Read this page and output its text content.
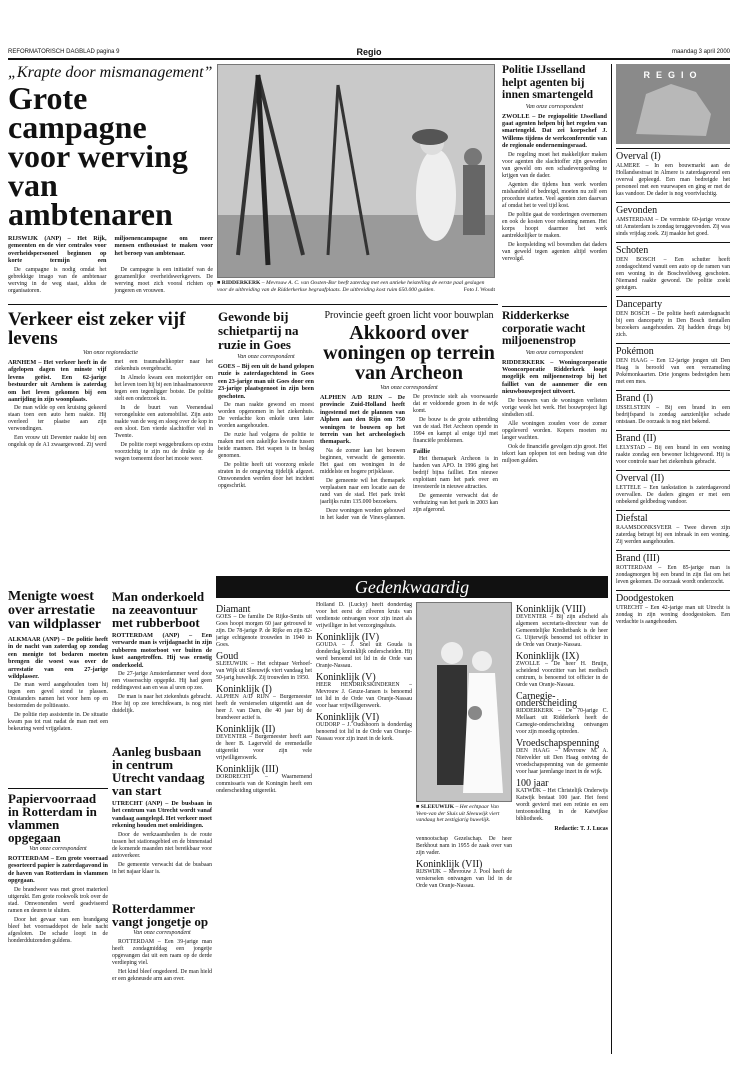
REFORMATORISCH DAGBLAD pagina 9	Regio	maandag 3 april 2000
„Krapte door mismanagement”
Grote campagne voor werving van ambtenaren
RIJSWIJK (ANP) – Het Rijk, gemeenten en de vier centrales voor overheidspersoneel beginnen op korte termijn een miljoenencampagne om meer mensen enthousiast te maken voor het beroep van ambtenaar.

De campagne is nodig omdat het gebrekkige imago van de ambtenaar werving in de weg staat, aldus de organisatoren.

De campagne is een initiatief van de gezamenlijke overheidswerkgevers. De werving moet zich vooral richten op jongeren en vrouwen.

■ RIDDERKERK – Mevrouw A. C. van Oosten-Bor heeft zaterdag met een antieke heistelling de eerste paal geslagen voor de uitbreiding van de Ridderkerkse begraafplaats. De uitbreiding kost ruim 650.000 gulden.	Foto J. Woudt
Verkeer eist zeker vijf levens
Van onze regioredactie

ARNHEM – Het verkeer heeft in de afgelopen dagen ten minste vijf levens geëist. Een 62-jarige bestuurder uit Arnhem is zaterdag om het leven gekomen bij een aanrijding in zijn woonplaats.

De man wilde op een kruising gekeerd staan toen een auto hem raakte. Hij overleed ter plaatse aan zijn verwondingen.

Een vrouw uit Deventer raakte bij een ongeluk op de A1 zwaargewond. Zij werd met een traumahelikopter naar het ziekenhuis overgebracht.

In Almelo kwam een motorrijder om het leven toen hij bij een inhaalmanoeuvre tegen een tegenligger botste. De politie stelt een onderzoek in.

In de buurt van Veenendaal verongelukte een automobilist. Zijn auto raakte van de weg en sloeg over de kop in een sloot. Een vierde slachtoffer viel in Twente.

De politie roept weggebruikers op extra voorzichtig te zijn nu de drukte op de wegen toeneemt door het mooie weer.

Gewonde bij schietpartij na ruzie in Goes
Van onze correspondent

GOES – Bij een uit de hand gelopen ruzie is zaterdagochtend in Goes een 23-jarige man uit Goes door een 23-jarige plaatsgenoot in zijn been geschoten.

De man raakte gewond en moest worden opgenomen in het ziekenhuis. De verdachte kon enkele uren later worden aangehouden.

De ruzie had volgens de politie te maken met een zakelijke kwestie tussen beide mannen. Het wapen is in beslag genomen.

De politie heeft uit voorzorg enkele straten in de omgeving tijdelijk afgezet. Omwonenden werden door het incident opgeschrikt.

Provincie geeft groen licht voor bouwplan
Akkoord over woningen op terrein van Archeon
Van onze correspondent

ALPHEN A/D RIJN – De provincie Zuid-Holland heeft ingestemd met de plannen van Alphen aan den Rijn om 750 woningen te bouwen op het terrein van het archeologisch themapark.

Na de zomer kan het bouwen beginnen, verwacht de gemeente. Het gaat om woningen in de middelste en hogere prijsklasse.

De gemeente wil het themapark verplaatsen naar een locatie aan de rand van de stad. Het park trekt jaarlijks ruim 135.000 bezoekers.

Deze woningen worden gebouwd in het kader van de Vinex-plannen. De provincie stelt als voorwaarde dat er voldoende groen in de wijk komt.

De bouw is de grote uitbreiding van de stad. Het Archeon opende in 1994 en kampt al enige tijd met financiële problemen.

Faillie

Het themapark Archeon is in handen van APO. In 1996 ging het bedrijf bijna failliet. Een nieuwe exploitant nam het park over en investeerde in nieuwe attracties.

De gemeente verwacht dat de verhuizing van het park in 2003 kan zijn afgerond.

Politie IJsselland helpt agenten bij innen smartengeld
Van onze correspondent

ZWOLLE – De regiopolitie IJsselland gaat agenten helpen bij het regelen van smartengeld. Dat zei korpschef J. Willems tijdens de werkconferentie van de regionale ondernemingsraad.

De regeling moet het makkelijker maken voor agenten die slachtoffer zijn geworden van geweld om een schadevergoeding te krijgen van de dader.

Agenten die tijdens hun werk worden mishandeld of bedreigd, moeten nu zelf een procedure starten. Veel agenten zien daarvan af omdat het te veel tijd kost.

De politie gaat de vorderingen overnemen en ook de kosten voor rekening nemen. Het korps hoopt daarmee het werk aantrekkelijker te maken.

De korpsleiding wil bovendien dat daders van geweld tegen agenten altijd worden vervolgd.

Ridderkerkse corporatie wacht miljoenenstrop
Van onze correspondent

RIDDERKERK – Woningcorporatie Wooncorporatie Ridderkerk loopt mogelijk een miljoenenstrop bij het failliet van de aannemer die een nieuwbouwproject uitvoert.

De bouwers van de woningen verlieten vorige week het werk. Het bouwproject ligt sindsdien stil.

Alle woningen zouden voor de zomer opgeleverd worden. Kopers moeten nu langer wachten.

Ook de financiële gevolgen zijn groot. Het tekort kan oplopen tot een bedrag van drie miljoen gulden.

REGIO
Overval (I)

ALMERE – In een bouwmarkt aan de Hollandsestraat in Almere is zaterdagavond een overval gepleegd. Een man bedreigde het personeel met een vuurwapen en ging er met de kas vandoor. De dader is nog voortvluchtig.

Gevonden

AMSTERDAM – De vermiste 60-jarige vrouw uit Amsterdam is zondag teruggevonden. Zij was sinds vrijdag zoek. Zij maakte het goed.

Schoten

DEN BOSCH – Een schutter heeft zondagochtend vanuit een auto op de ramen van een woning in de Boschveldweg geschoten. Niemand raakte gewond. De politie zoekt getuigen.

Danceparty

DEN BOSCH – De politie heeft zaterdagnacht bij een danceparty in Den Bosch tientallen bezoekers aangehouden. Zij hadden drugs bij zich.

Pokémon

DEN HAAG – Een 12-jarige jongen uit Den Haag is beroofd van een verzameling Pokémonkaarten. Drie jongens bedreigden hem met een mes.

Brand (I)

IJSSELSTEIN – Bij een brand in een bedrijfspand is zondag aanzienlijke schade ontstaan. De oorzaak is nog niet bekend.

Brand (II)

LELYSTAD – Bij een brand in een woning raakte zondag een bewoner lichtgewond. Hij is voor controle naar het ziekenhuis gebracht.

Overval (II)

LETTELE – Een tankstation is zaterdagavond overvallen. De daders gingen er met een onbekend geldbedrag vandoor.

Diefstal

RAAMSDONKSVEER – Twee dieven zijn zaterdag betrapt bij een inbraak in een woning. Zij werden aangehouden.

Brand (III)

ROTTERDAM – Een 85-jarige man is zondagmorgen bij een brand in zijn flat om het leven gekomen. De oorzaak wordt onderzocht.

Doodgestoken

UTRECHT – Een 42-jarige man uit Utrecht is zondag in zijn woning doodgestoken. Een verdachte is aangehouden.

Menigte woest over arrestatie van wildplasser

ALKMAAR (ANP) – De politie heeft in de nacht van zaterdag op zondag een menigte tot bedaren moeten brengen die woest was over de arrestatie van een 27-jarige wildplasser.

De man werd aangehouden toen hij tegen een gevel stond te plassen. Omstanders namen het voor hem op en bestormden de politieauto.

De politie riep assistentie in. De situatie kwam pas tot rust nadat de man met een bekeuring werd vrijgelaten.

Papiervoorraad in Rotterdam in vlammen opgegaan
Van onze correspondent

ROTTERDAM – Een grote voorraad gesorteerd papier is zaterdagavond in de haven van Rotterdam in vlammen opgegaan.

De brandweer was met groot materieel uitgerukt. Een grote rookwolk trok over de stad. Omwonenden werd geadviseerd ramen en deuren te sluiten.

Door het gevaar van een brandgang bleef het voorraaddepot de hele nacht afgesloten. De schade loopt in de honderdduizenden guldens.

Man onderkoeld na zeeavontuur met rubberboot

ROTTERDAM (ANP) – Een verwarde man is vrijdagnacht in zijn rubberen motorboot ver buiten de kust aangetroffen. Hij was ernstig onderkoeld.

De 27-jarige Amsterdammer werd door een vissersschip opgepikt. Hij had geen reddingsvest aan en was al uren op zee.

De man is naar het ziekenhuis gebracht. Hoe hij op zee terechtkwam, is nog niet duidelijk.

Aanleg busbaan in centrum Utrecht vandaag van start

UTRECHT (ANP) – De busbaan in het centrum van Utrecht wordt vanaf vandaag aangelegd. Het verkeer moet rekening houden met omleidingen.

Door de werkzaamheden is de route tussen het stationsgebied en de binnenstad de komende maanden niet bereikbaar voor autoverkeer.

De gemeente verwacht dat de busbaan in het najaar klaar is.

Rotterdammer vangt jongetje op
Van onze correspondent

ROTTERDAM – Een 39-jarige man heeft zondagmiddag een jongetje opgevangen dat uit een raam op de derde verdieping viel.

Het kind bleef ongedeerd. De man hield er een gekneusde arm aan over.

Gedenkwaardig
Diamant

GOES – De familie De Rijke-Smits uit Goes hoopt morgen 60 jaar getrouwd te zijn. De 78-jarige P. de Rijke en zijn 82-jarige echtgenote trouwden in 1940 in Goes.

Goud

SLEEUWIJK – Het echtpaar Verhoef-van Wijk uit Sleeuwijk viert vandaag het 50-jarig huwelijk. Zij trouwden in 1950.

Koninklijk (I)

ALPHEN A/D RIJN – Burgemeester heeft de versierselen uitgereikt aan de heer J. van Dam, die 40 jaar bij de brandweer actief is.

Koninklijk (II)

DEVENTER – Burgemeester heeft aan de heer B. Lagerveld de eremedaille uitgereikt voor zijn vele vrijwilligerswerk.

Koninklijk (III)

DORDRECHT – Waarnemend commissaris van de Koningin heeft een onderscheiding uitgereikt.

Holland D. (Lucky) heeft donderdag voor het eerst de zilveren kruis van verdienste ontvangen voor zijn inzet als vrijwilliger in het verzorgingshuis.

Koninklijk (IV)

GOUDA – J. Snel uit Gouda is donderdag koninklijk onderscheiden. Hij werd benoemd tot lid in de Orde van Oranje-Nassau.

Koninklijk (V)

HEER HENDRIKSKINDEREN – Mevrouw J. Geuze-Jansen is benoemd tot lid in de Orde van Oranje-Nassau voor haar vrijwilligerswerk.

Koninklijk (VI)

OUDORP – J. Oudshoorn is donderdag benoemd tot lid in de Orde van Oranje-Nassau voor zijn inzet in de kerk.

■ SLEEUWIJK – Het echtpaar Van Veen-van der Sluis uit Sleeuwijk viert vandaag het zestigjarig huwelijk.

vennootschap Gezelschap. De heer Berkhout nam in 1955 de zaak over van zijn vader.

Koninklijk (VII)

RIJSWIJK – Mevrouw J. Pool heeft de versierselen ontvangen van lid in de Orde van Oranje-Nassau.

Koninklijk (VIII)

DEVENTER – Bij zijn afscheid als algemeen secretaris-directeur van de Gemeentelijke Kredietbank is de heer G. Uijterwijk benoemd tot officier in de Orde van Oranje-Nassau.

Koninklijk (IX)

ZWOLLE – De heer H. Bruijn, scheidend voorzitter van het medisch centrum, is benoemd tot officier in de Orde van Oranje-Nassau.

Carnegie-onderscheiding

RIDDERKERK – De 70-jarige C. Mellaart uit Ridderkerk heeft de Carnegie-onderscheiding ontvangen voor zijn moedig optreden.

Vroedschapspenning

DEN HAAG – Mevrouw M. A. Nietvelder uit Den Haag ontving de vroedschapspenning van de gemeente voor haar jarenlange inzet in de wijk.

100 jaar

KATWIJK – Het Christelijk Onderwijs Katwijk bestaat 100 jaar. Het feest wordt gevierd met een reünie en een tentoonstelling in de Katwijkse bibliotheek.

Redactie: T. J. Lucas
